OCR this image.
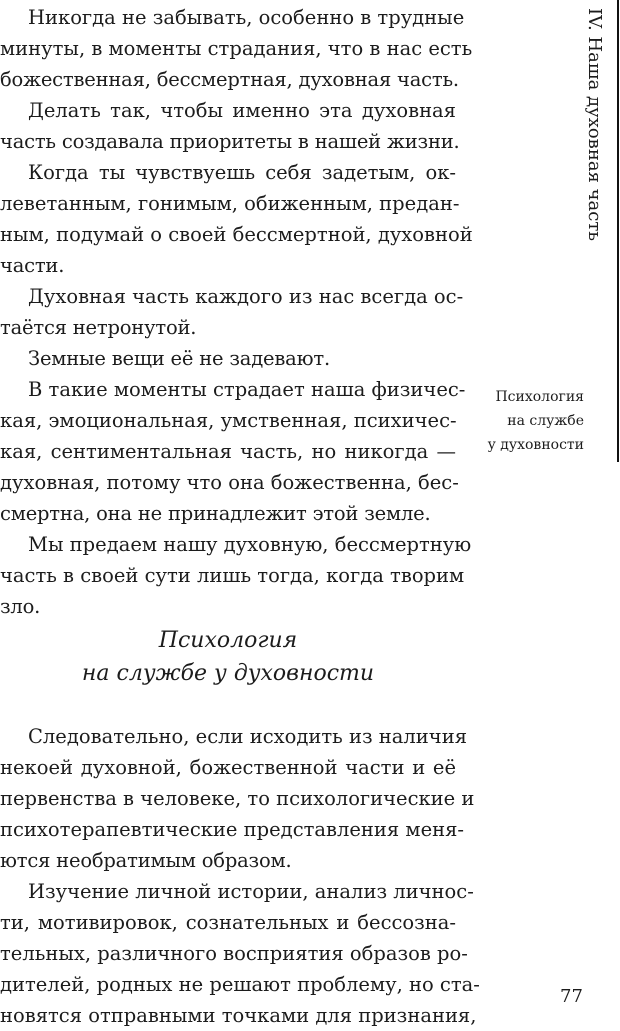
Никогда не забывать, особенно в трудные
минуты, в моменты страдания, что в нас есть
божественная, бессмертная, духовная часть.
Делать так, чтобы именно эта духовная
часть создавала приоритеты в нашей жизни.
Когда ты чувствуешь себя задетым, ок-
леветанным, гонимым, обиженным, предан-
ным, подумай о своей бессмертной, духовной
части.
Духовная часть каждого из нас всегда ос-
таётся нетронутой.
Земные вещи её не задевают.
В такие моменты страдает наша физичес-
кая, эмоциональная, умственная, психичес-
кая, сентиментальная часть, но никогда —
духовная, потому что она божественна, бес-
смертна, она не принадлежит этой земле.
Мы предаем нашу духовную, бессмертную
часть в своей сути лишь тогда, когда творим
зло.
Психология
на службе у духовности
Следовательно, если исходить из наличия
некоей духовной, божественной части и её
первенства в человеке, то психологические и
психотерапевтические представления меня-
ются необратимым образом.
Изучение личной истории, анализ личнос-
ти, мотивировок, сознательных и бессозна-
тельных, различного восприятия образов ро-
дителей, родных не решают проблему, но ста-
новятся отправными точками для признания,
IV. Наша духовная часть
Психология
на службе
у духовности
77
